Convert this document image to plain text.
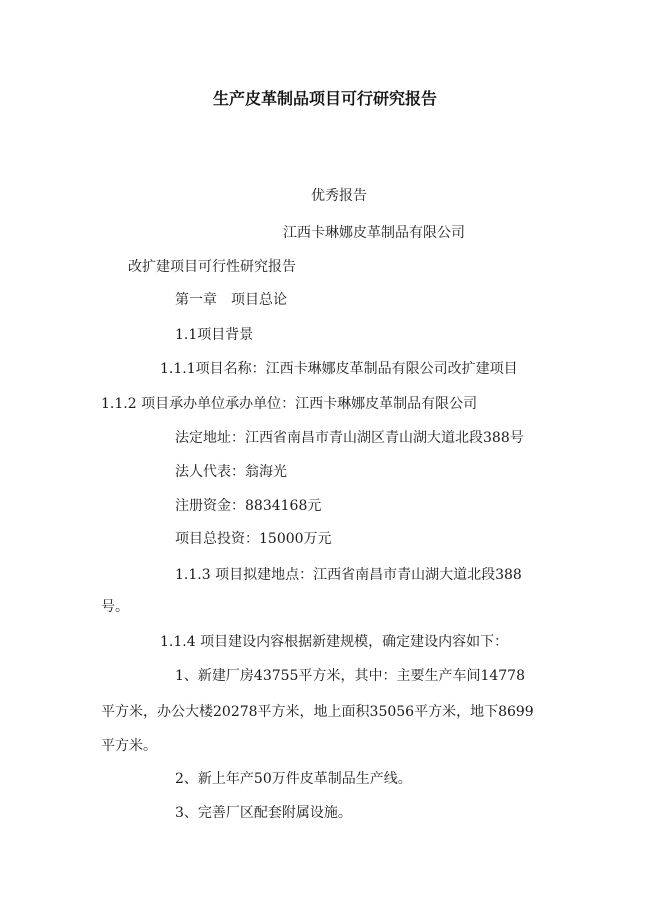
生产皮革制品项目可行研究报告
优秀报告
江西卡琳娜皮革制品有限公司
改扩建项目可行性研究报告
第一章　项目总论
1.1项目背景
1.1.1项目名称：江西卡琳娜皮革制品有限公司改扩建项目
1.1.2 项目承办单位承办单位：江西卡琳娜皮革制品有限公司
法定地址：江西省南昌市青山湖区青山湖大道北段388号
法人代表：翁海光
注册资金：8834168元
项目总投资：15000万元
1.1.3 项目拟建地点：江西省南昌市青山湖大道北段388
号。
1.1.4 项目建设内容根据新建规模，确定建设内容如下：
1、新建厂房43755平方米，其中：主要生产车间14778
平方米，办公大楼20278平方米，地上面积35056平方米，地下8699
平方米。
2、新上年产50万件皮革制品生产线。
3、完善厂区配套附属设施。
